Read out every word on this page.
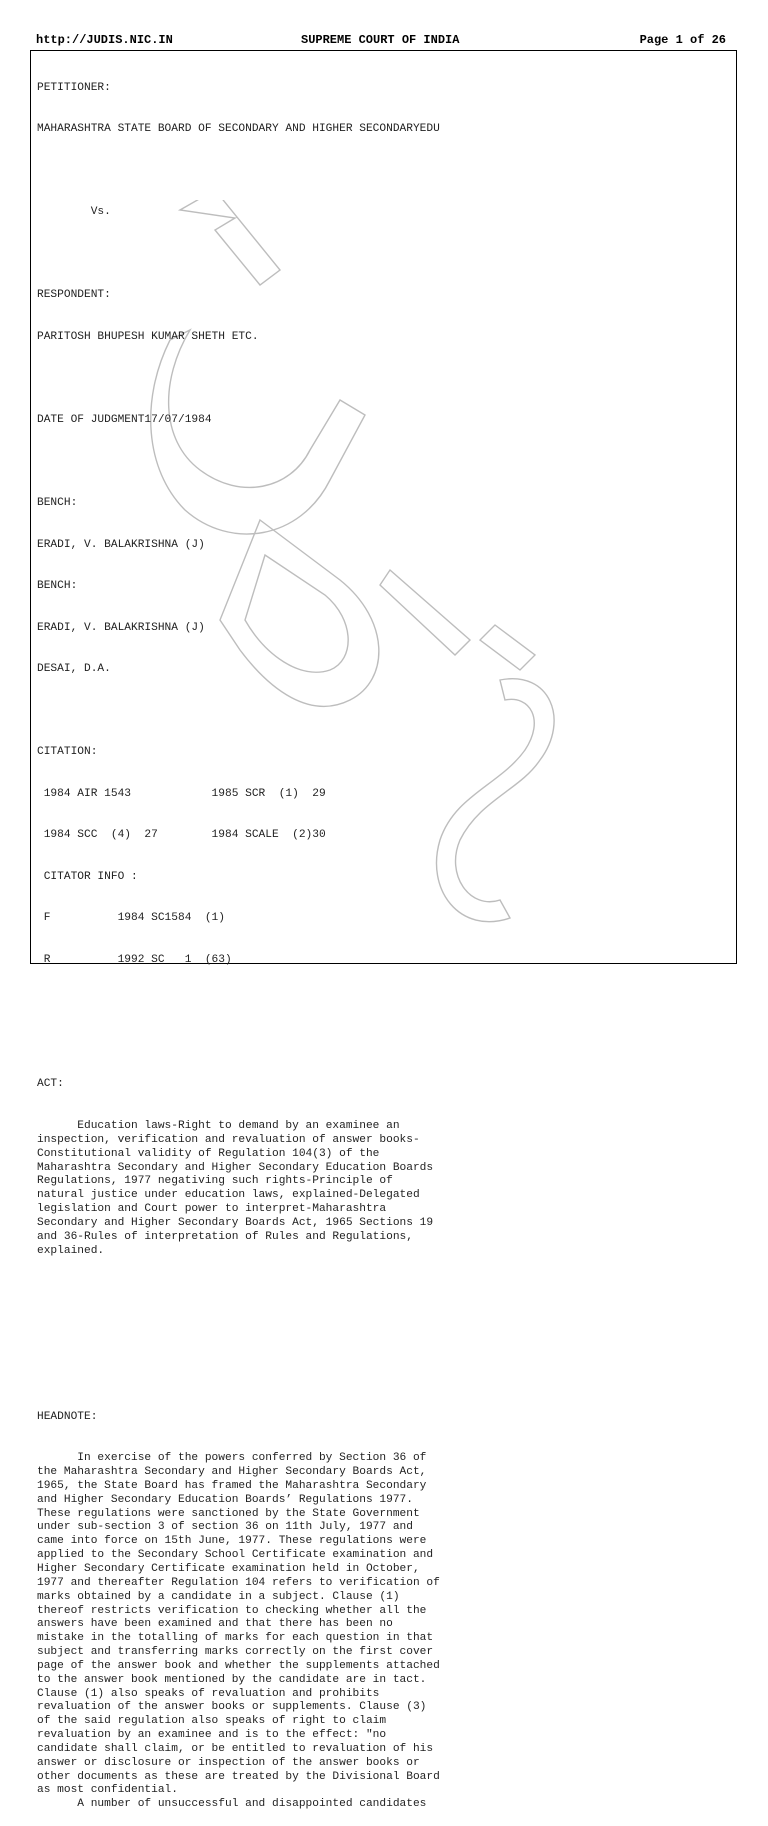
http://JUDIS.NIC.IN	SUPREME COURT OF INDIA	Page 1 of 26

PETITIONER:

MAHARASHTRA STATE BOARD OF SECONDARY AND HIGHER SECONDARYEDU

Vs.

RESPONDENT:

PARITOSH BHUPESH KUMAR SHETH ETC.

DATE OF JUDGMENT17/07/1984

BENCH:

ERADI, V. BALAKRISHNA (J)

BENCH:

ERADI, V. BALAKRISHNA (J)

DESAI, D.A.

CITATION:

1984 AIR 1543            1985 SCR  (1)  29

1984 SCC  (4)  27        1984 SCALE  (2)30

CITATOR INFO :

F          1984 SC1584  (1)

R          1992 SC   1  (63)

ACT:

Education laws-Right to demand by an examinee an
inspection, verification and revaluation of answer books-
Constitutional validity of Regulation 104(3) of the
Maharashtra Secondary and Higher Secondary Education Boards
Regulations, 1977 negativing such rights-Principle of
natural justice under education laws, explained-Delegated
legislation and Court power to interpret-Maharashtra
Secondary and Higher Secondary Boards Act, 1965 Sections 19
and 36-Rules of interpretation of Rules and Regulations,
explained.

HEADNOTE:

In exercise of the powers conferred by Section 36 of
the Maharashtra Secondary and Higher Secondary Boards Act,
1965, the State Board has framed the Maharashtra Secondary
and Higher Secondary Education Boards’ Regulations 1977.
These regulations were sanctioned by the State Government
under sub-section 3 of section 36 on 11th July, 1977 and
came into force on 15th June, 1977. These regulations were
applied to the Secondary School Certificate examination and
Higher Secondary Certificate examination held in October,
1977 and thereafter Regulation 104 refers to verification of
marks obtained by a candidate in a subject. Clause (1)
thereof restricts verification to checking whether all the
answers have been examined and that there has been no
mistake in the totalling of marks for each question in that
subject and transferring marks correctly on the first cover
page of the answer book and whether the supplements attached
to the answer book mentioned by the candidate are in tact.
Clause (1) also speaks of revaluation and prohibits
revaluation of the answer books or supplements. Clause (3)
of the said regulation also speaks of right to claim
revaluation by an examinee and is to the effect: "no
candidate shall claim, or be entitled to revaluation of his
answer or disclosure or inspection of the answer books or
other documents as these are treated by the Divisional Board
as most confidential.
A number of unsuccessful and disappointed candidates
